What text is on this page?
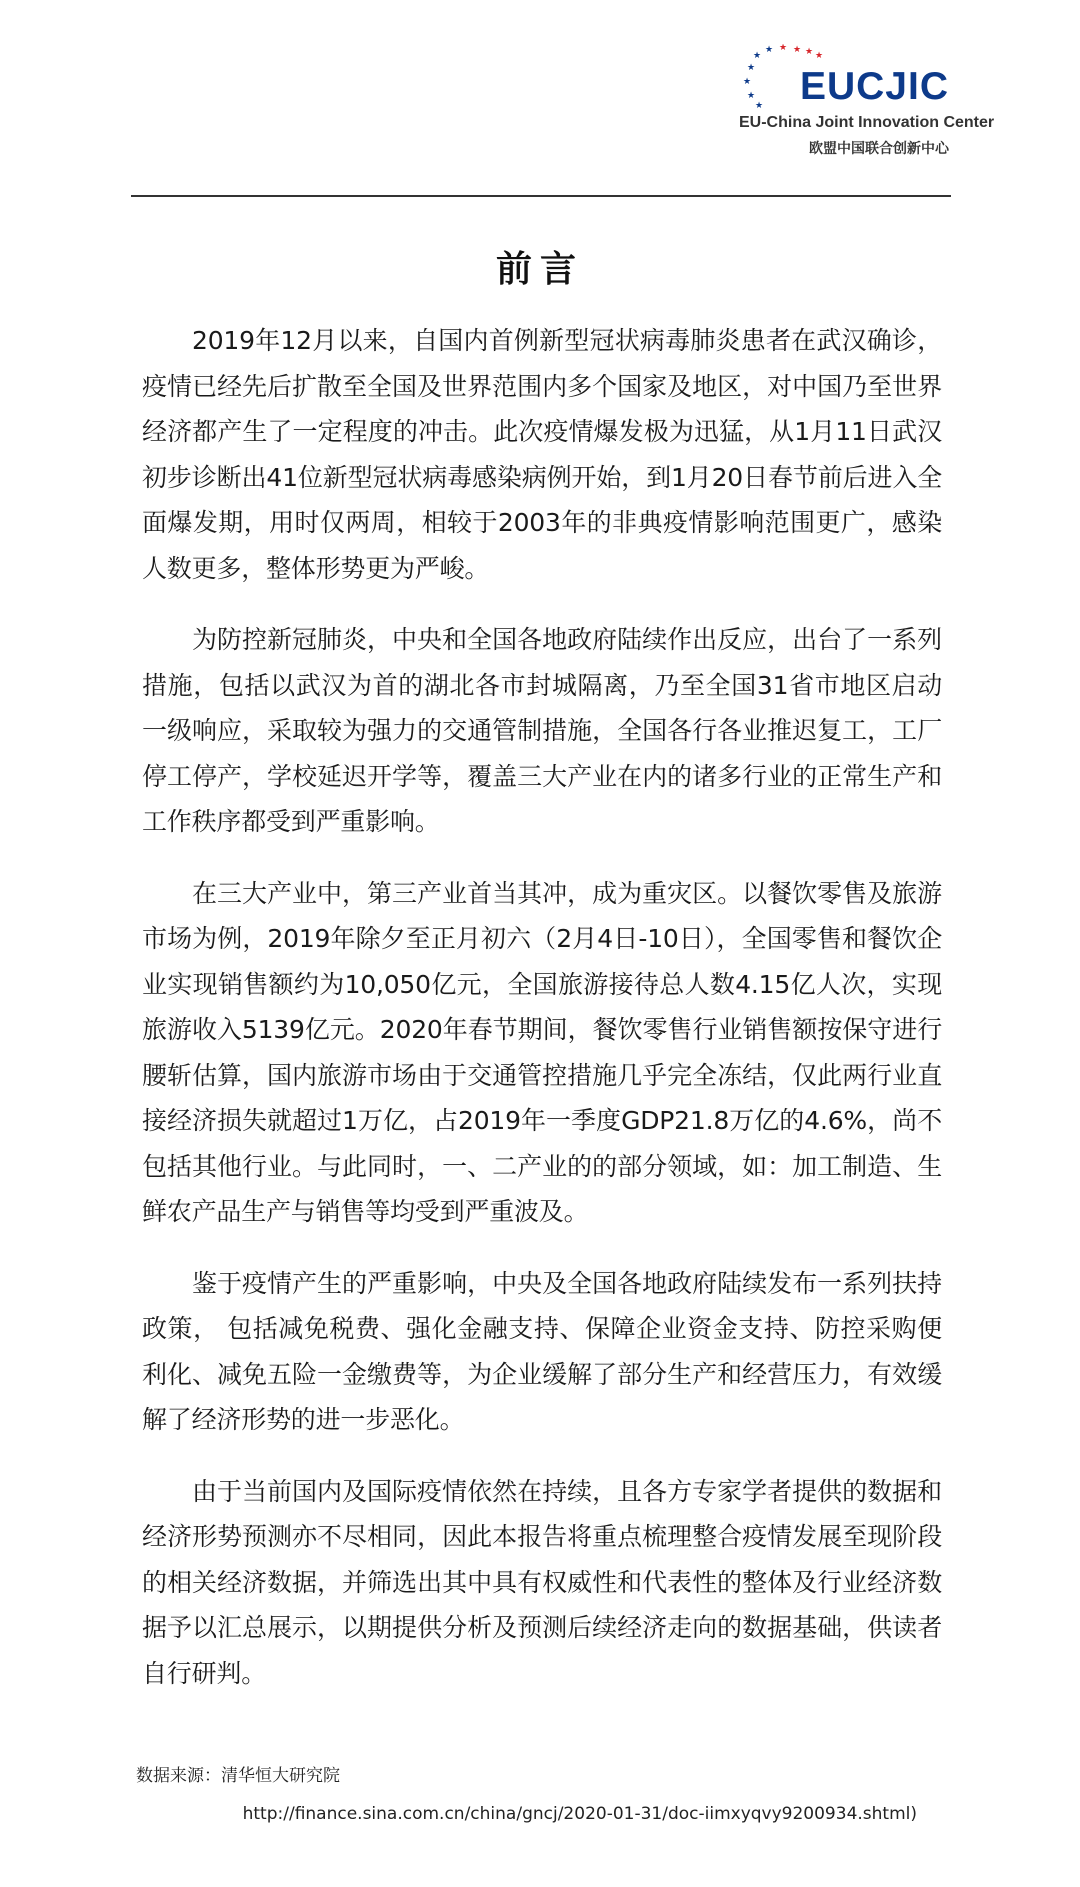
★
★ ★ ★ ★ ★
★
★
★
★ EUCJIC
EU-China Joint Innovation Center
欧盟中国联合创新中心
前言

2019年12月以来，自国内首例新型冠状病毒肺炎患者在武汉确诊，疫情已经先后扩散至全国及世界范围内多个国家及地区，对中国乃至世界经济都产生了一定程度的冲击。此次疫情爆发极为迅猛，从1月11日武汉初步诊断出41位新型冠状病毒感染病例开始，到1月20日春节前后进入全面爆发期，用时仅两周，相较于2003年的非典疫情影响范围更广，感染人数更多，整体形势更为严峻。

为防控新冠肺炎，中央和全国各地政府陆续作出反应，出台了一系列措施，包括以武汉为首的湖北各市封城隔离，乃至全国31省市地区启动一级响应，采取较为强力的交通管制措施，全国各行各业推迟复工，工厂停工停产，学校延迟开学等，覆盖三大产业在内的诸多行业的正常生产和工作秩序都受到严重影响。

在三大产业中，第三产业首当其冲，成为重灾区。以餐饮零售及旅游市场为例，2019年除夕至正月初六（2月4日-10日），全国零售和餐饮企业实现销售额约为10,050亿元，全国旅游接待总人数4.15亿人次，实现旅游收入5139亿元。2020年春节期间，餐饮零售行业销售额按保守进行腰斩估算，国内旅游市场由于交通管控措施几乎完全冻结，仅此两行业直接经济损失就超过1万亿，占2019年一季度GDP21.8万亿的4.6%，尚不包括其他行业。与此同时，一、二产业的的部分领域，如：加工制造、生鲜农产品生产与销售等均受到严重波及。

鉴于疫情产生的严重影响，中央及全国各地政府陆续发布一系列扶持政策， 包括减免税费、强化金融支持、保障企业资金支持、防控采购便利化、减免五险一金缴费等，为企业缓解了部分生产和经营压力，有效缓解了经济形势的进一步恶化。

由于当前国内及国际疫情依然在持续，且各方专家学者提供的数据和经济形势预测亦不尽相同，因此本报告将重点梳理整合疫情发展至现阶段的相关经济数据，并筛选出其中具有权威性和代表性的整体及行业经济数据予以汇总展示，以期提供分析及预测后续经济走向的数据基础，供读者自行研判。

数据来源：清华恒大研究院
http://finance.sina.com.cn/china/gncj/2020-01-31/doc-iimxyqvy9200934.shtml)
